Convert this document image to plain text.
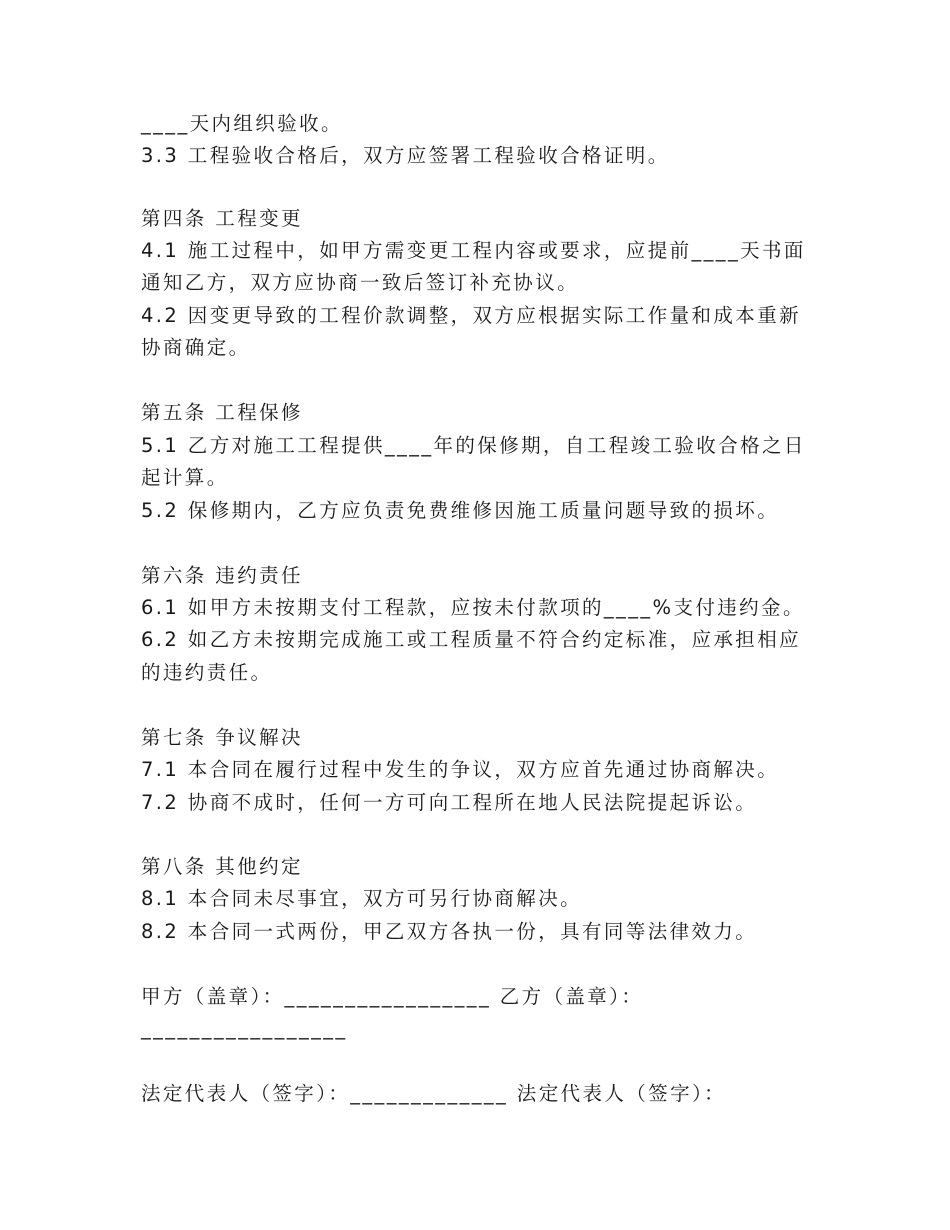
____天内组织验收。
3.3 工程验收合格后，双方应签署工程验收合格证明。
第四条 工程变更
4.1 施工过程中，如甲方需变更工程内容或要求，应提前____天书面
通知乙方，双方应协商一致后签订补充协议。
4.2 因变更导致的工程价款调整，双方应根据实际工作量和成本重新
协商确定。
第五条 工程保修
5.1 乙方对施工工程提供____年的保修期，自工程竣工验收合格之日
起计算。
5.2 保修期内，乙方应负责免费维修因施工质量问题导致的损坏。
第六条 违约责任
6.1 如甲方未按期支付工程款，应按未付款项的____%支付违约金。
6.2 如乙方未按期完成施工或工程质量不符合约定标准，应承担相应
的违约责任。
第七条 争议解决
7.1 本合同在履行过程中发生的争议，双方应首先通过协商解决。
7.2 协商不成时，任何一方可向工程所在地人民法院提起诉讼。
第八条 其他约定
8.1 本合同未尽事宜，双方可另行协商解决。
8.2 本合同一式两份，甲乙双方各执一份，具有同等法律效力。
甲方（盖章）：_________________ 乙方（盖章）：
_________________
法定代表人（签字）：_____________ 法定代表人（签字）：
